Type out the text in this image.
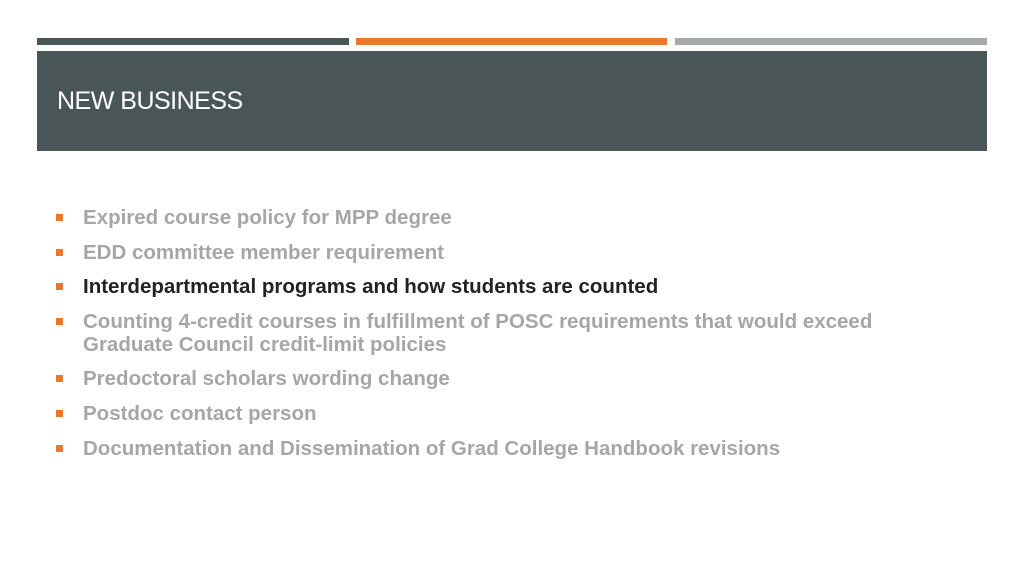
NEW BUSINESS
Expired course policy for MPP degree
EDD committee member requirement
Interdepartmental programs and how students are counted
Counting 4-credit courses in fulfillment of POSC requirements that would exceed Graduate Council credit-limit policies
Predoctoral scholars wording change
Postdoc contact person
Documentation and Dissemination of Grad College Handbook revisions
